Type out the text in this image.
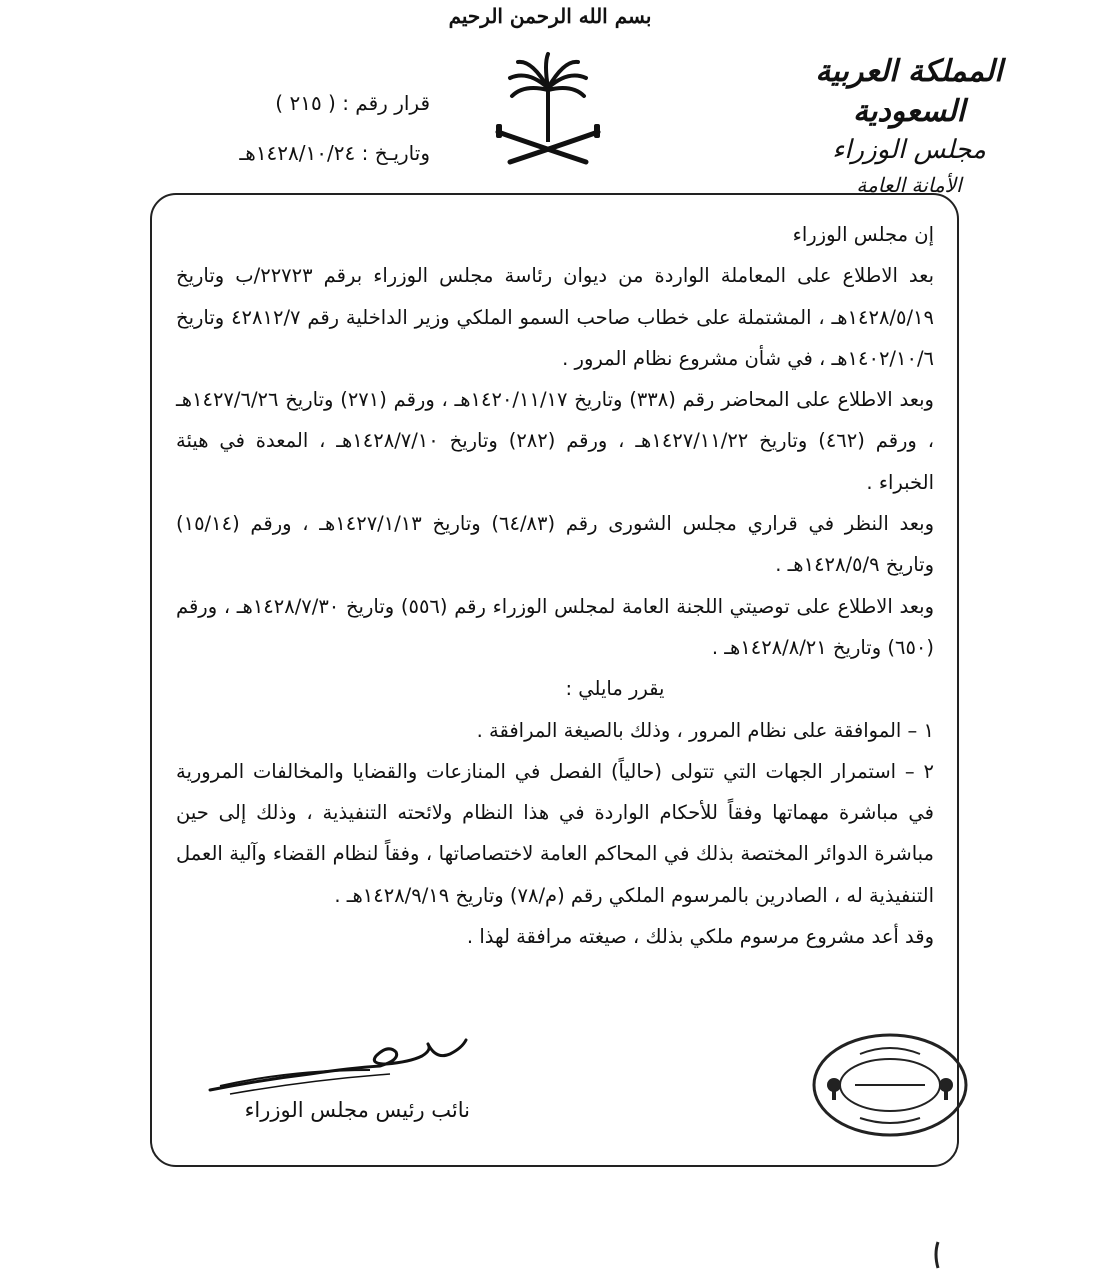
بسم الله الرحمن الرحيم
المملكة العربية السعودية
مجلس الوزراء
الأمانة العامة
قرار رقم : ( ٢١٥ )
وتاريـخ : ١٤٢٨/١٠/٢٤هـ

إن مجلس الوزراء

بعد الاطلاع على المعاملة الواردة من ديوان رئاسة مجلس الوزراء برقم ٢٢٧٢٣/ب وتاريخ ١٤٢٨/٥/١٩هـ ، المشتملة على خطاب صاحب السمو الملكي وزير الداخلية رقم ٤٢٨١٢/٧ وتاريخ ١٤٠٢/١٠/٦هـ ، في شأن مشروع نظام المرور .

وبعد الاطلاع على المحاضر رقم (٣٣٨) وتاريخ ١٤٢٠/١١/١٧هـ ، ورقم (٢٧١) وتاريخ ١٤٢٧/٦/٢٦هـ ، ورقم (٤٦٢) وتاريخ ١٤٢٧/١١/٢٢هـ ، ورقم (٢٨٢) وتاريخ ١٤٢٨/٧/١٠هـ ، المعدة في هيئة الخبراء .

وبعد النظر في قراري مجلس الشورى رقم (٦٤/٨٣) وتاريخ ١٤٢٧/١/١٣هـ ، ورقم (١٥/١٤) وتاريخ ١٤٢٨/٥/٩هـ .

وبعد الاطلاع على توصيتي اللجنة العامة لمجلس الوزراء رقم (٥٥٦) وتاريخ ١٤٢٨/٧/٣٠هـ ، ورقم (٦٥٠) وتاريخ ١٤٢٨/٨/٢١هـ .

يقرر مايلي :

١ – الموافقة على نظام المرور ، وذلك بالصيغة المرافقة .

٢ – استمرار الجهات التي تتولى (حالياً) الفصل في المنازعات والقضايا والمخالفات المرورية في مباشرة مهماتها وفقاً للأحكام الواردة في هذا النظام ولائحته التنفيذية ، وذلك إلى حين مباشرة الدوائر المختصة بذلك في المحاكم العامة لاختصاصاتها ، وفقاً لنظام القضاء وآلية العمل التنفيذية له ، الصادرين بالمرسوم الملكي رقم (م/٧٨) وتاريخ ١٤٢٨/٩/١٩هـ .

وقد أعد مشروع مرسوم ملكي بذلك ، صيغته مرافقة لهذا .

نائب رئيس مجلس الوزراء
